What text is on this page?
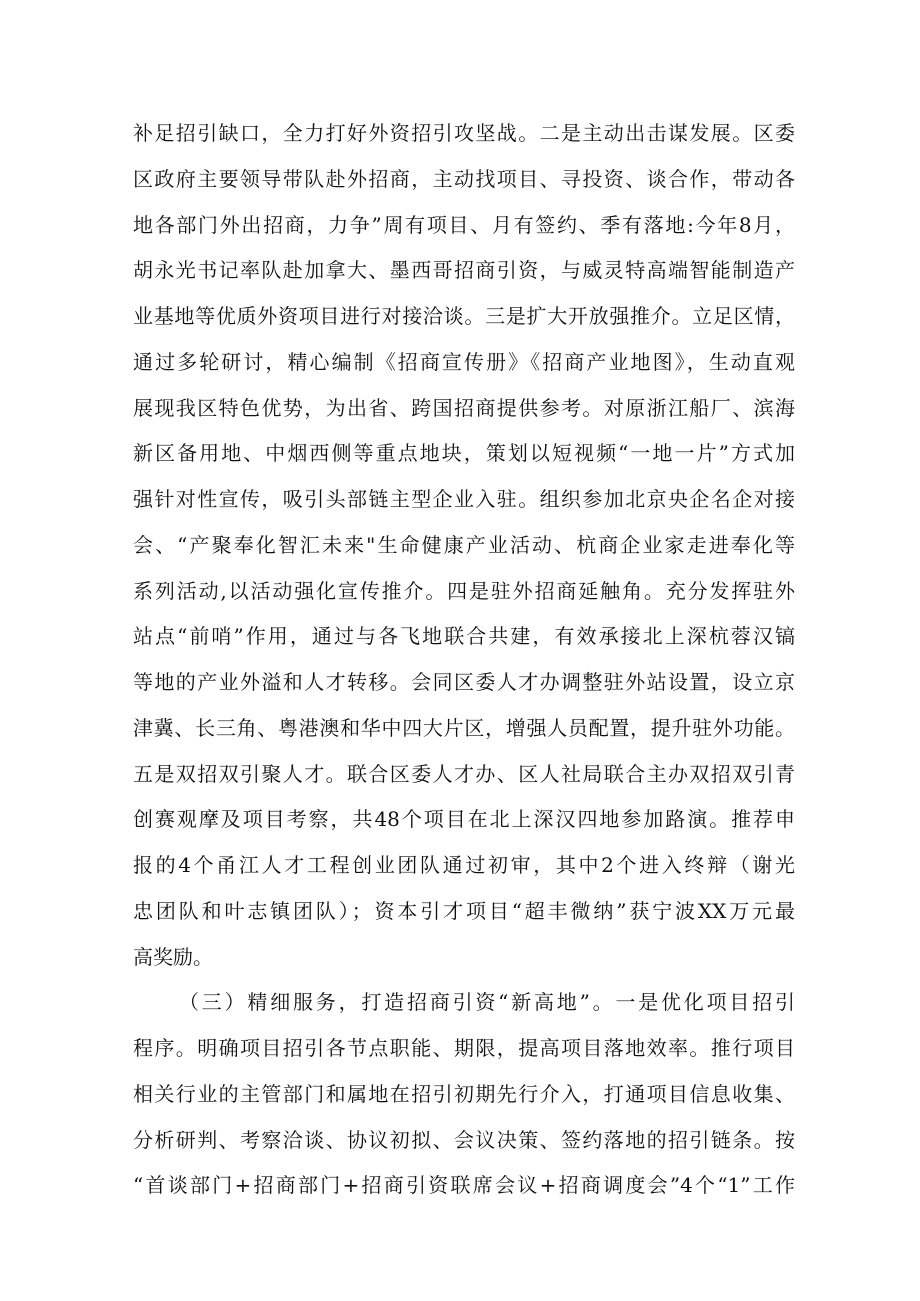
补足招引缺口，全力打好外资招引攻坚战。二是主动出击谋发展。区委
区政府主要领导带队赴外招商，主动找项目、寻投资、谈合作，带动各
地各部门外出招商，力争”周有项目、月有签约、季有落地:今年8月，
胡永光书记率队赴加拿大、墨西哥招商引资，与威灵特高端智能制造产
业基地等优质外资项目进行对接洽谈。三是扩大开放强推介。立足区情，
通过多轮研讨，精心编制《招商宣传册》《招商产业地图》，生动直观
展现我区特色优势，为出省、跨国招商提供参考。对原浙江船厂、滨海
新区备用地、中烟西侧等重点地块，策划以短视频“一地一片”方式加
强针对性宣传，吸引头部链主型企业入驻。组织参加北京央企名企对接
会、“产聚奉化智汇未来"生命健康产业活动、杭商企业家走进奉化等
系列活动,以活动强化宣传推介。四是驻外招商延触角。充分发挥驻外
站点“前哨”作用，通过与各飞地联合共建，有效承接北上深杭蓉汉镐
等地的产业外溢和人才转移。会同区委人才办调整驻外站设置，设立京
津冀、长三角、粤港澳和华中四大片区，增强人员配置，提升驻外功能。
五是双招双引聚人才。联合区委人才办、区人社局联合主办双招双引青
创赛观摩及项目考察，共48个项目在北上深汉四地参加路演。推荐申
报的4个甬江人才工程创业团队通过初审，其中2个进入终辩（谢光
忠团队和叶志镇团队）；资本引才项目“超丰微纳”获宁波XX万元最
高奖励。
（三）精细服务，打造招商引资“新高地”。一是优化项目招引
程序。明确项目招引各节点职能、期限，提高项目落地效率。推行项目
相关行业的主管部门和属地在招引初期先行介入，打通项目信息收集、
分析研判、考察洽谈、协议初拟、会议决策、签约落地的招引链条。按
“首谈部门+招商部门+招商引资联席会议+招商调度会”4个“1”工作
